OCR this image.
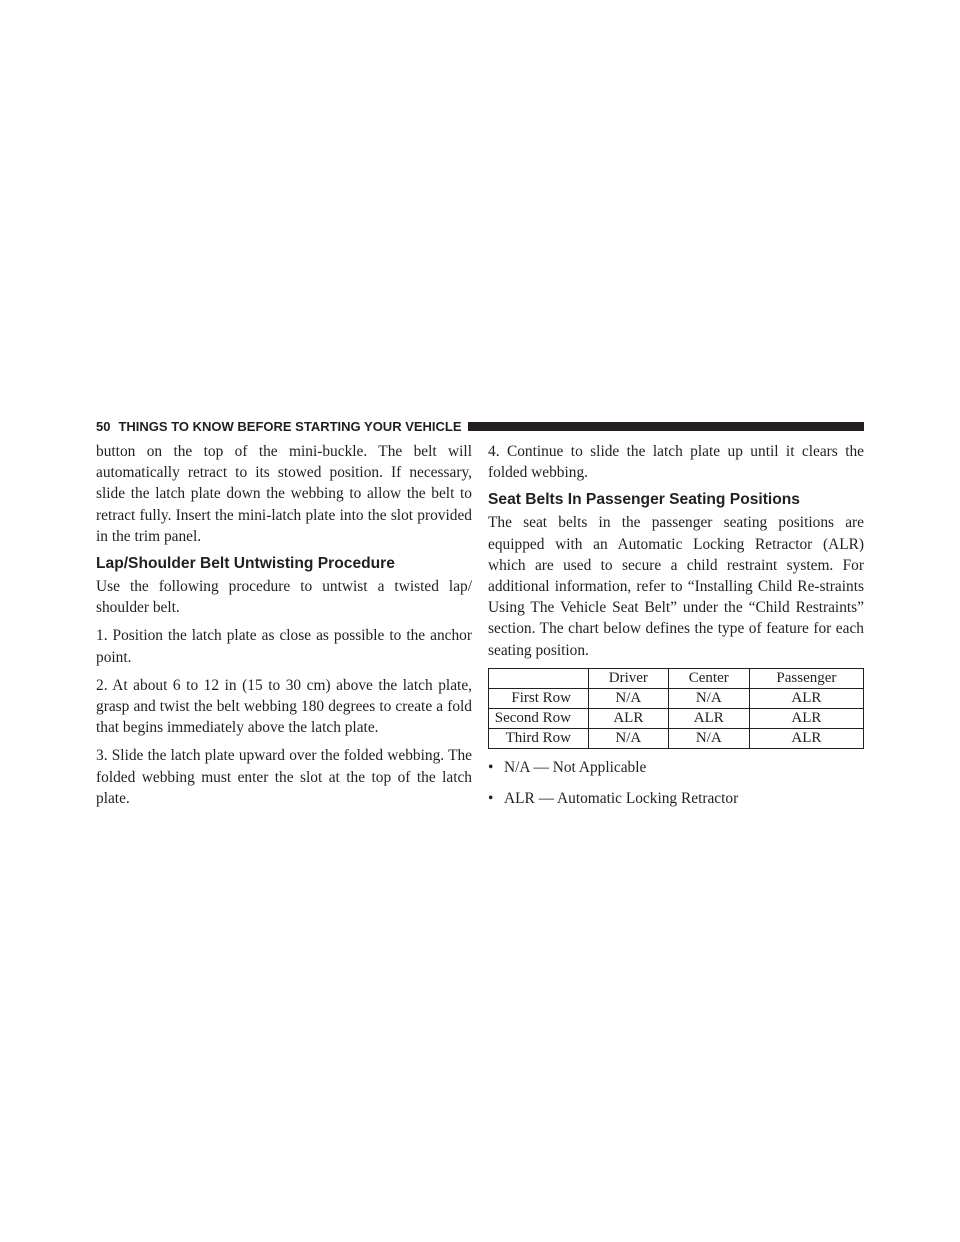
50 THINGS TO KNOW BEFORE STARTING YOUR VEHICLE

button on the top of the mini-buckle. The belt will automatically retract to its stowed position. If necessary, slide the latch plate down the webbing to allow the belt to retract fully. Insert the mini-latch plate into the slot provided in the trim panel.

Lap/Shoulder Belt Untwisting Procedure

Use the following procedure to untwist a twisted lap/ shoulder belt.

1. Position the latch plate as close as possible to the anchor point.

2. At about 6 to 12 in (15 to 30 cm) above the latch plate, grasp and twist the belt webbing 180 degrees to create a fold that begins immediately above the latch plate.

3. Slide the latch plate upward over the folded webbing. The folded webbing must enter the slot at the top of the latch plate.

4. Continue to slide the latch plate up until it clears the folded webbing.

Seat Belts In Passenger Seating Positions

The seat belts in the passenger seating positions are equipped with an Automatic Locking Retractor (ALR) which are used to secure a child restraint system. For additional information, refer to “Installing Child Re-straints Using The Vehicle Seat Belt” under the “Child Restraints” section. The chart below defines the type of feature for each seating position.

	Driver	Center	Passenger
First Row	N/A	N/A	ALR
Second Row	ALR	ALR	ALR
Third Row	N/A	N/A	ALR
• N/A — Not Applicable
• ALR — Automatic Locking Retractor
